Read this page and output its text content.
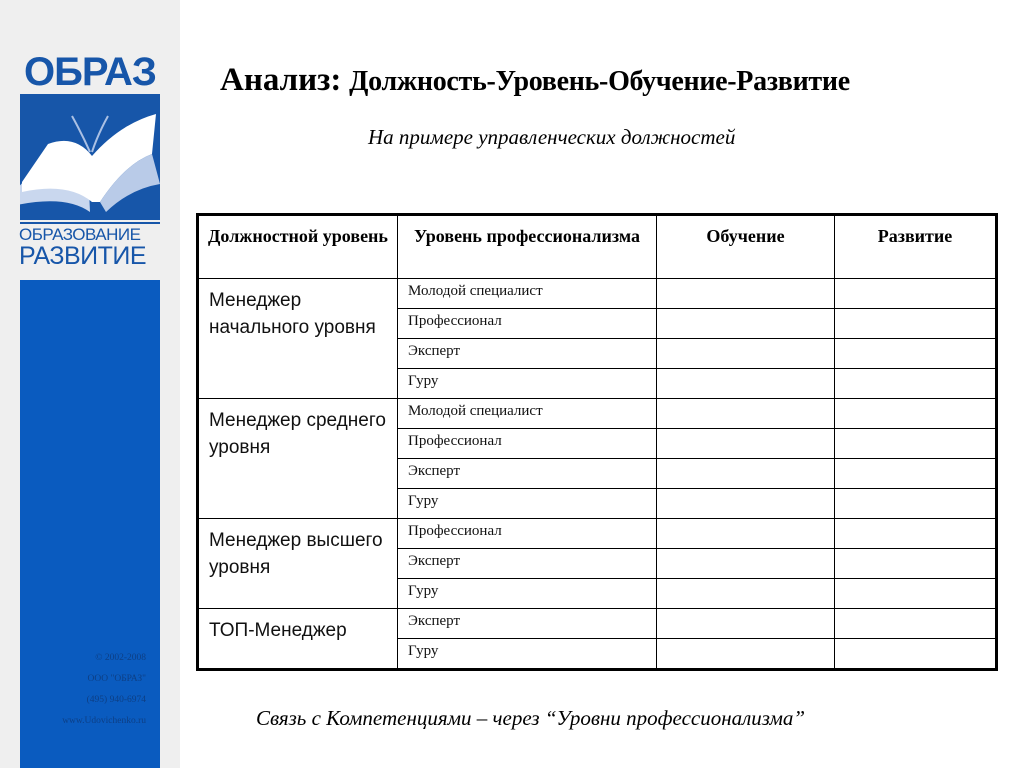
ОБРАЗ
ОБРАЗОВАНИЕ
РАЗВИТИЕ
© 2002-2008
ООО "ОБРАЗ"
(495) 940-6974
www.Udovichenko.ru
Анализ: Должность-Уровень-Обучение-Развитие
На примере управленческих должностей
Должностной уровень	Уровень профессионализма	Обучение	Развитие
Менеджер начального уровня	Молодой специалист		
	Профессионал		
	Эксперт		
	Гуру		
Менеджер среднего уровня	Молодой специалист		
	Профессионал		
	Эксперт		
	Гуру		
Менеджер высшего уровня	Профессионал		
	Эксперт		
	Гуру		
ТОП-Менеджер	Эксперт		
	Гуру		
Связь с Компетенциями – через “Уровни профессионализма”
